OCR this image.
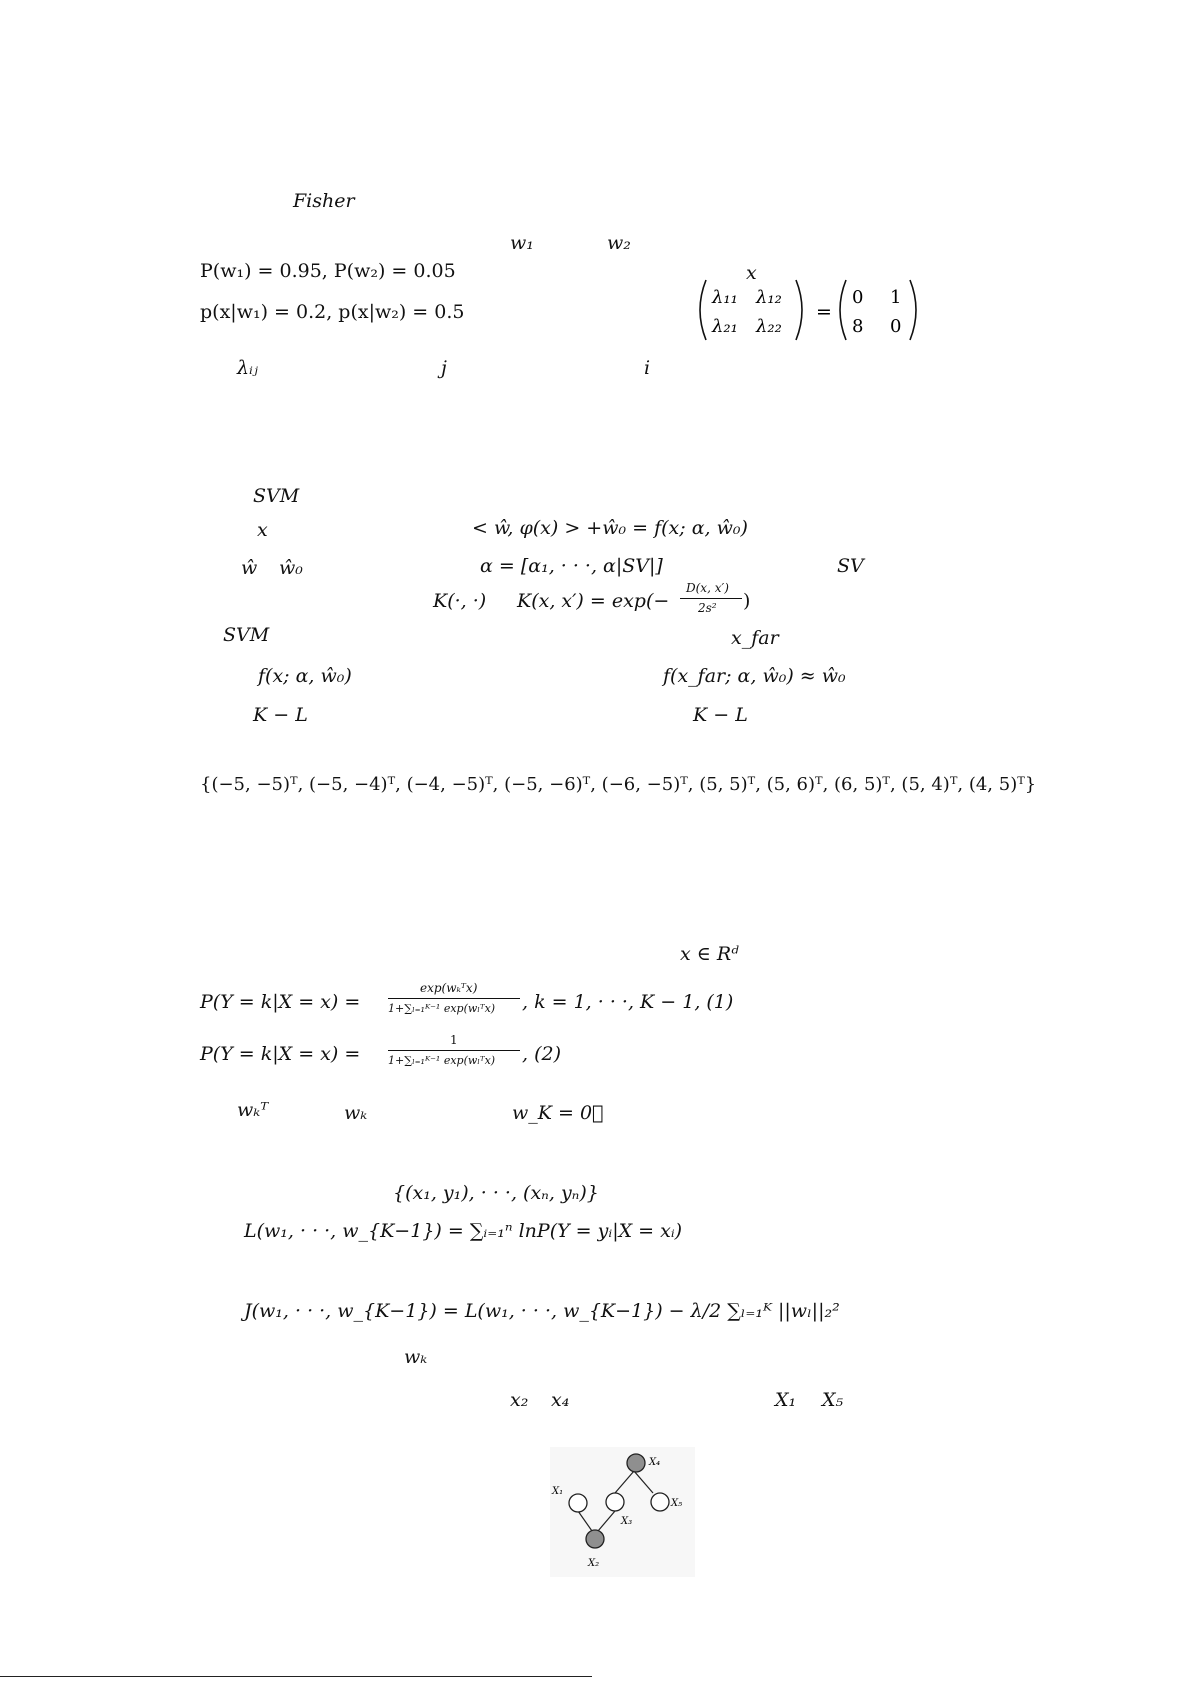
Fisher
w₁	w₂
P(w₁) = 0.95, P(w₂) = 0.05	x
p(x|w₁) = 0.2, p(x|w₂) = 0.5
λ₁₁ λ₁₂
λ₂₁ λ₂₂
=
0 1
8 0
λᵢⱼ	j	i
SVM
x	< ŵ, φ(x) > +ŵ₀ = f(x; α, ŵ₀)
ŵ ŵ₀	α = [α₁, · · ·, α|SV|]	SV
K(·, ·) K(x, x′) = exp(−
D(x, x′)
2s² )
SVM	x_far
f(x; α, ŵ₀)	f(x_far; α, ŵ₀) ≈ ŵ₀
K − L	K − L
{(−5, −5)ᵀ, (−5, −4)ᵀ, (−4, −5)ᵀ, (−5, −6)ᵀ, (−6, −5)ᵀ, (5, 5)ᵀ, (5, 6)ᵀ, (6, 5)ᵀ, (5, 4)ᵀ, (4, 5)ᵀ}
x ∈ Rᵈ
P(Y = k|X = x) =
exp(wₖᵀx)
1+∑ₗ₌₁ᴷ⁻¹ exp(wₗᵀx) , k = 1, · · ·, K − 1, (1)
P(Y = k|X = x) =
1
1+∑ₗ₌₁ᴷ⁻¹ exp(wₗᵀx) , (2)
wₖᵀ	wₖ	w_K = 0⃗
{(x₁, y₁), · · ·, (xₙ, yₙ)}
L(w₁, · · ·, w_{K−1}) = ∑ᵢ₌₁ⁿ lnP(Y = yᵢ|X = xᵢ)
J(w₁, · · ·, w_{K−1}) = L(w₁, · · ·, w_{K−1}) − λ/2 ∑ₗ₌₁ᴷ ||wₗ||₂²
wₖ
x₂ x₄	X₁ X₅
X₄
X₁
X₃
X₅
X₂
